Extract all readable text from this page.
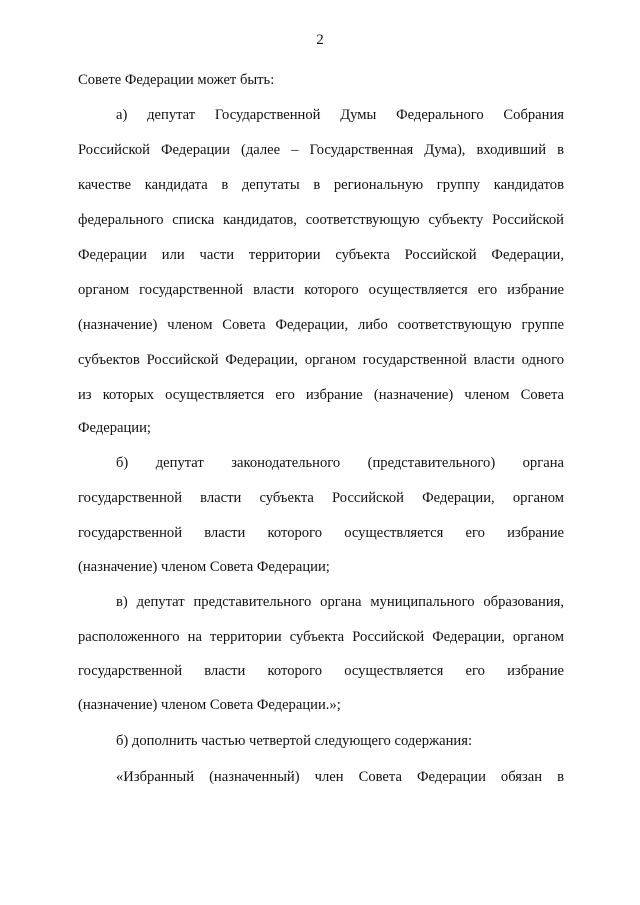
2
Совете Федерации может быть:
а) депутат Государственной Думы Федерального Собрания
Российской Федерации (далее – Государственная Дума), входивший в
качестве кандидата в депутаты в региональную группу кандидатов
федерального списка кандидатов, соответствующую субъекту Российской
Федерации или части территории субъекта Российской Федерации,
органом государственной власти которого осуществляется его избрание
(назначение) членом Совета Федерации, либо соответствующую группе
субъектов Российской Федерации, органом государственной власти одного
из которых осуществляется его избрание (назначение) членом Совета
Федерации;
б) депутат законодательного (представительного) органа
государственной власти субъекта Российской Федерации, органом
государственной власти которого осуществляется его избрание
(назначение) членом Совета Федерации;
в) депутат представительного органа муниципального образования,
расположенного на территории субъекта Российской Федерации, органом
государственной власти которого осуществляется его избрание
(назначение) членом Совета Федерации.»;
б) дополнить частью четвертой следующего содержания:
«Избранный (назначенный) член Совета Федерации обязан в
